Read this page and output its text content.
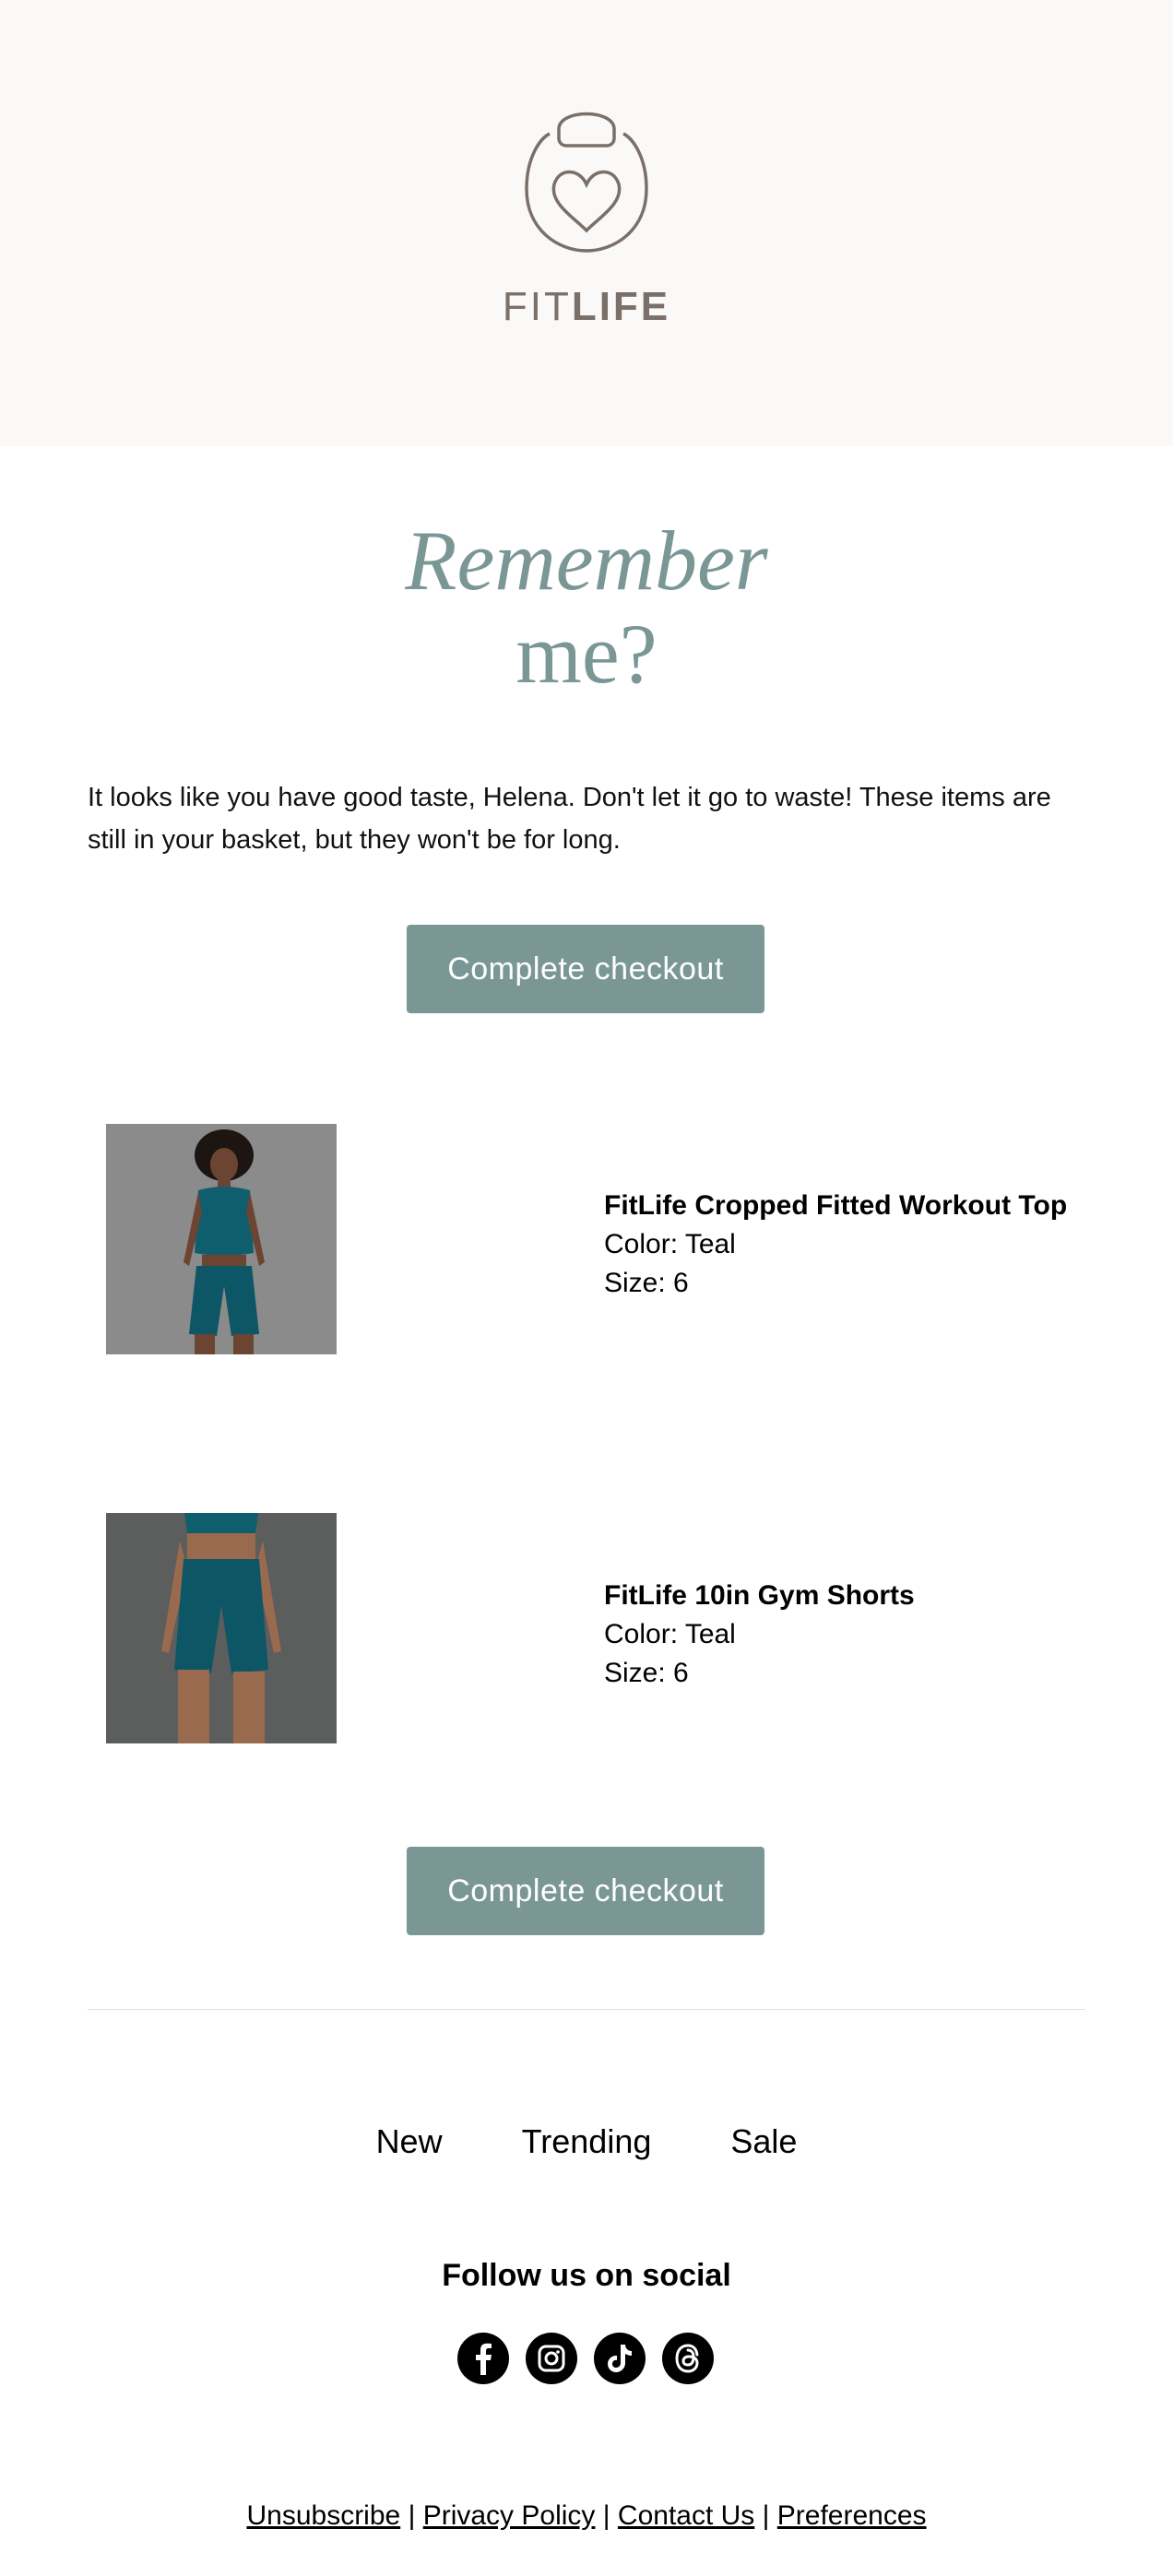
FITLIFE
Remember
me?
It looks like you have good taste, Helena. Don't let it go to waste! These items are still in your basket, but they won't be for long.
Complete checkout
FitLife Cropped Fitted Workout Top
Color: Teal
Size: 6
FitLife 10in Gym Shorts
Color: Teal
Size: 6
Complete checkout
New Trending Sale
Follow us on social
Unsubscribe | Privacy Policy | Contact Us | Preferences
